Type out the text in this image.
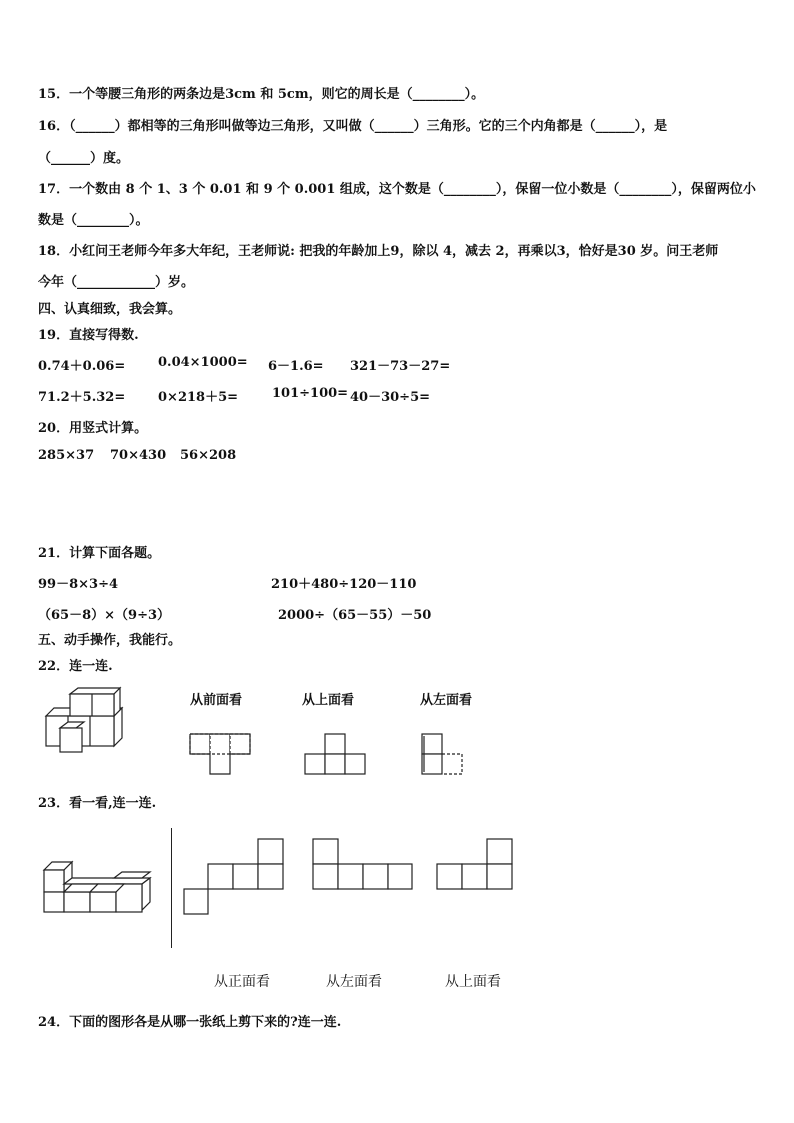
15．一个等腰三角形的两条边是3cm 和 5cm，则它的周长是（________）。
16．（______）都相等的三角形叫做等边三角形，又叫做（______）三角形。它的三个内角都是（______），是
（______）度。
17．一个数由 8 个 1、3 个 0.01 和 9 个 0.001 组成，这个数是（________），保留一位小数是（________），保留两位小
数是（________）。
18．小红问王老师今年多大年纪，王老师说: 把我的年龄加上9，除以 4，减去 2，再乘以3，恰好是30 岁。问王老师
今年（____________）岁。
四、认真细致，我会算。
19．直接写得数.
0.74＋0.06=	0.04×1000= 6－1.6= 321－73－27=
71.2＋5.32=	0×218＋5=	101÷100= 40－30÷5=
20．用竖式计算。
285×37 70×430 56×208
21．计算下面各题。
99－8×3÷4	210＋480÷120－110
（65－8）×（9÷3）	2000÷（65－55）－50
五、动手操作，我能行。
22．连一连.
从前面看	从上面看	从左面看
23．看一看,连一连.
从正面看	从左面看	从上面看
24．下面的图形各是从哪一张纸上剪下来的?连一连.
